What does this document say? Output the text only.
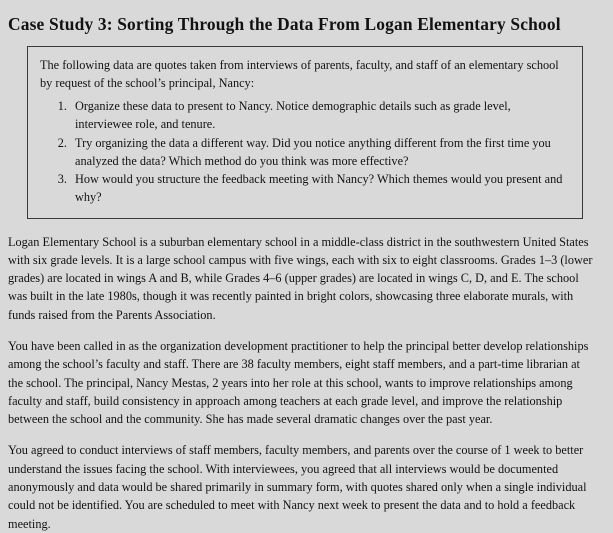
Case Study 3: Sorting Through the Data From Logan Elementary School

The following data are quotes taken from interviews of parents, faculty, and staff of an elementary school by request of the school’s principal, Nancy:

1. Organize these data to present to Nancy. Notice demographic details such as grade level, interviewee role, and tenure.
2. Try organizing the data a different way. Did you notice anything different from the first time you analyzed the data? Which method do you think was more effective?
3. How would you structure the feedback meeting with Nancy? Which themes would you present and why?

Logan Elementary School is a suburban elementary school in a middle-class district in the southwestern United States with six grade levels. It is a large school campus with five wings, each with six to eight classrooms. Grades 1–3 (lower grades) are located in wings A and B, while Grades 4–6 (upper grades) are located in wings C, D, and E. The school was built in the late 1980s, though it was recently painted in bright colors, showcasing three elaborate murals, with funds raised from the Parents Association.

You have been called in as the organization development practitioner to help the principal better develop relationships among the school’s faculty and staff. There are 38 faculty members, eight staff members, and a part-time librarian at the school. The principal, Nancy Mestas, 2 years into her role at this school, wants to improve relationships among faculty and staff, build consistency in approach among teachers at each grade level, and improve the relationship between the school and the community. She has made several dramatic changes over the past year.

You agreed to conduct interviews of staff members, faculty members, and parents over the course of 1 week to better understand the issues facing the school. With interviewees, you agreed that all interviews would be documented anonymously and data would be shared primarily in summary form, with quotes shared only when a single individual could not be identified. You are scheduled to meet with Nancy next week to present the data and to hold a feedback meeting.
